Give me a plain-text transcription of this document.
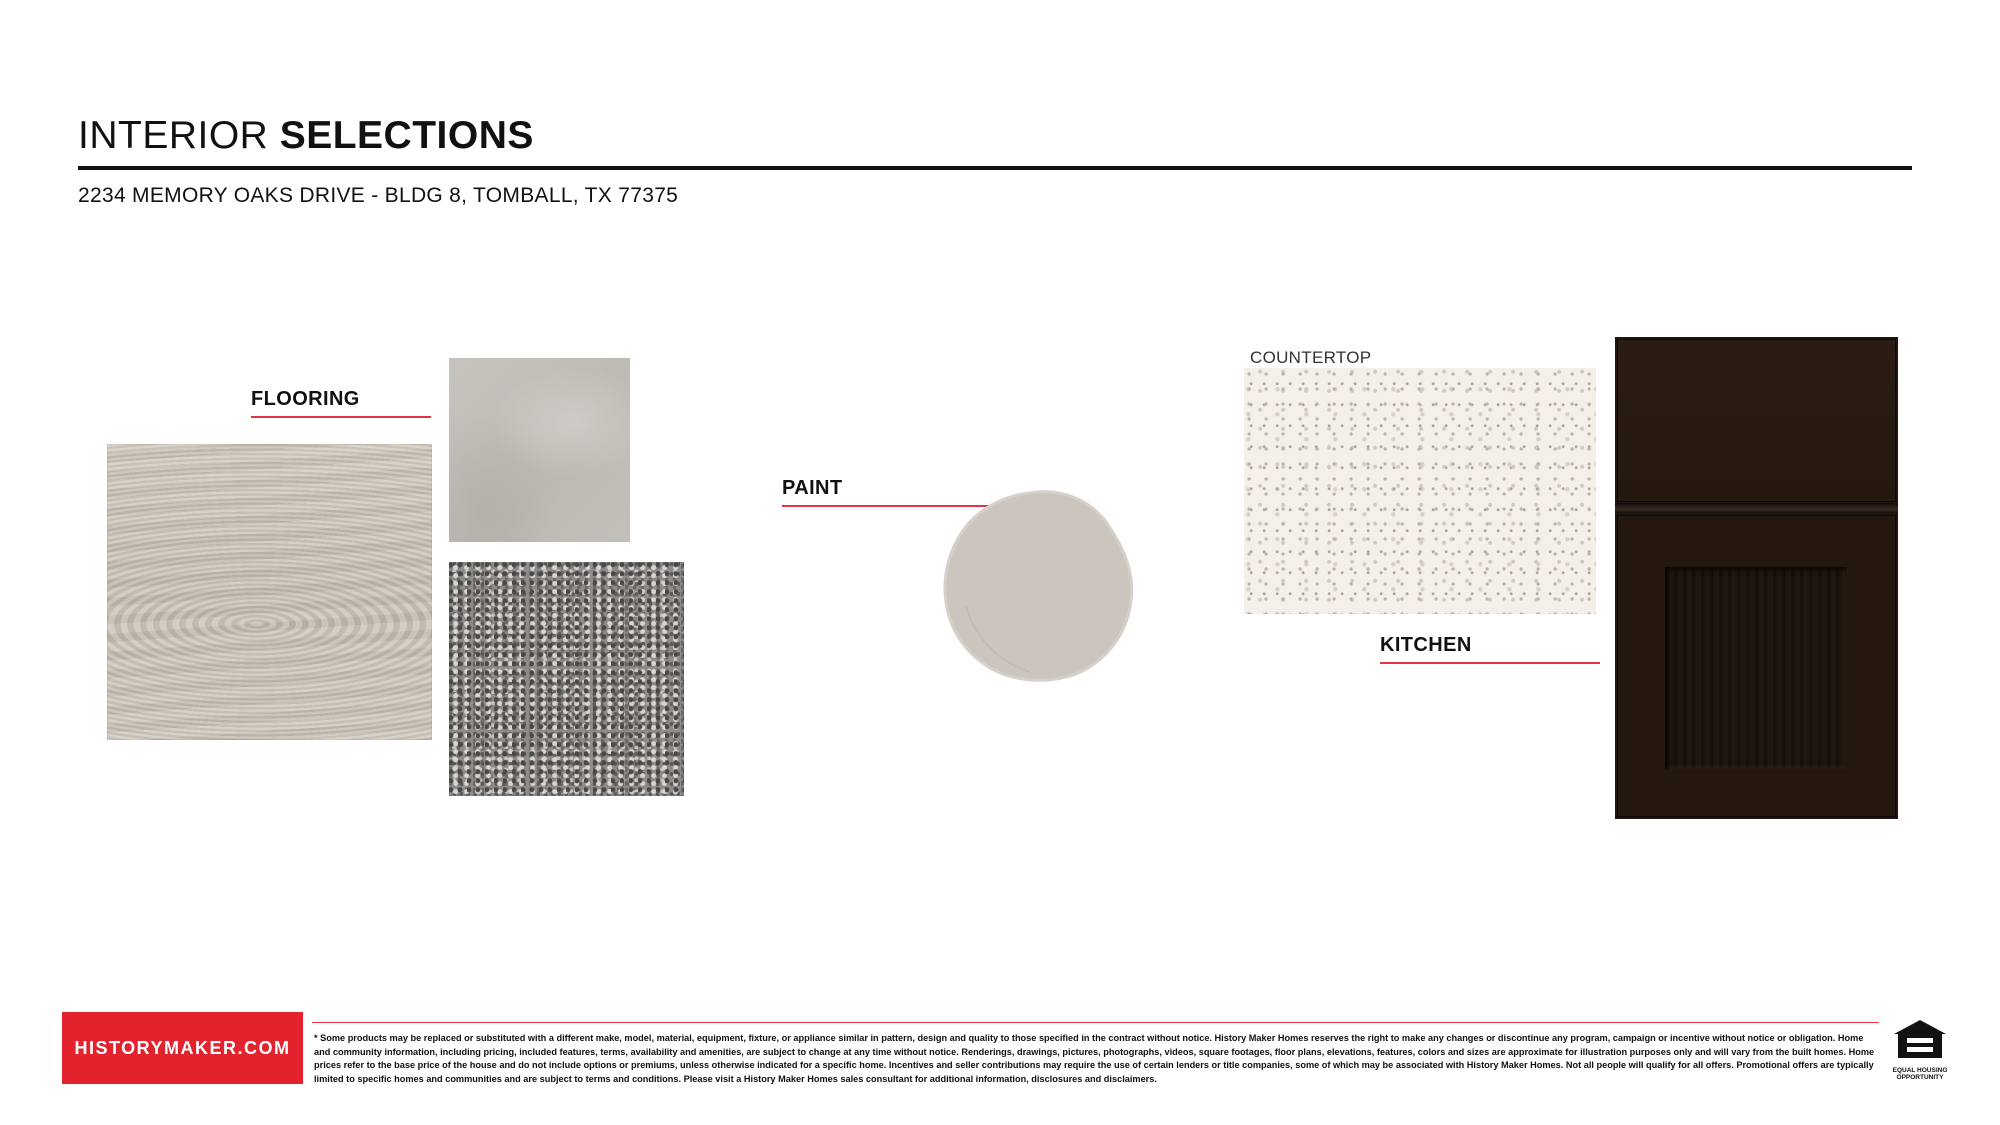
INTERIOR SELECTIONS
2234 MEMORY OAKS DRIVE - BLDG 8, TOMBALL, TX 77375
FLOORING
PAINT
COUNTERTOP
KITCHEN
HISTORYMAKER.COM	* Some products may be replaced or substituted with a different make, model, material, equipment, fixture, or appliance similar in pattern, design and quality to those specified in the contract without notice. History Maker Homes reserves the right to make any changes or discontinue any program, campaign or incentive without notice or obligation. Home and community information, including pricing, included features, terms, availability and amenities, are subject to change at any time without notice. Renderings, drawings, pictures, photographs, videos, square footages, floor plans, elevations, features, colors and sizes are approximate for illustration purposes only and will vary from the built homes. Home prices refer to the base price of the house and do not include options or premiums, unless otherwise indicated for a specific home. Incentives and seller contributions may require the use of certain lenders or title companies, some of which may be associated with History Maker Homes. Not all people will qualify for all offers. Promotional offers are typically limited to specific homes and communities and are subject to terms and conditions. Please visit a History Maker Homes sales consultant for additional information, disclosures and disclaimers.
EQUAL HOUSING
OPPORTUNITY
